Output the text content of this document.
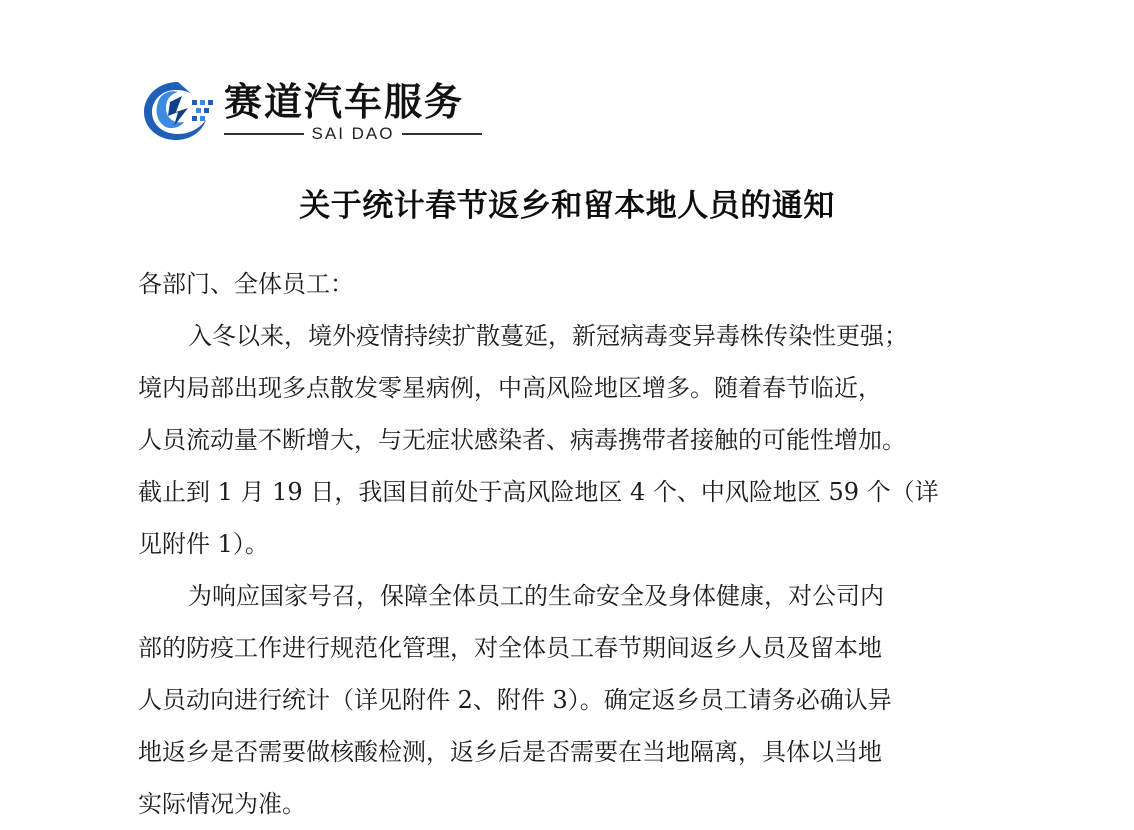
赛道汽车服务
SAI DAO
关于统计春节返乡和留本地人员的通知
各部门、全体员工：
入冬以来，境外疫情持续扩散蔓延，新冠病毒变异毒株传染性更强；
境内局部出现多点散发零星病例，中高风险地区增多。随着春节临近，
人员流动量不断增大，与无症状感染者、病毒携带者接触的可能性增加。
截止到 1 月 19 日，我国目前处于高风险地区 4 个、中风险地区 59 个（详
见附件 1）。
为响应国家号召，保障全体员工的生命安全及身体健康，对公司内
部的防疫工作进行规范化管理，对全体员工春节期间返乡人员及留本地
人员动向进行统计（详见附件 2、附件 3）。确定返乡员工请务必确认异
地返乡是否需要做核酸检测，返乡后是否需要在当地隔离，具体以当地
实际情况为准。
